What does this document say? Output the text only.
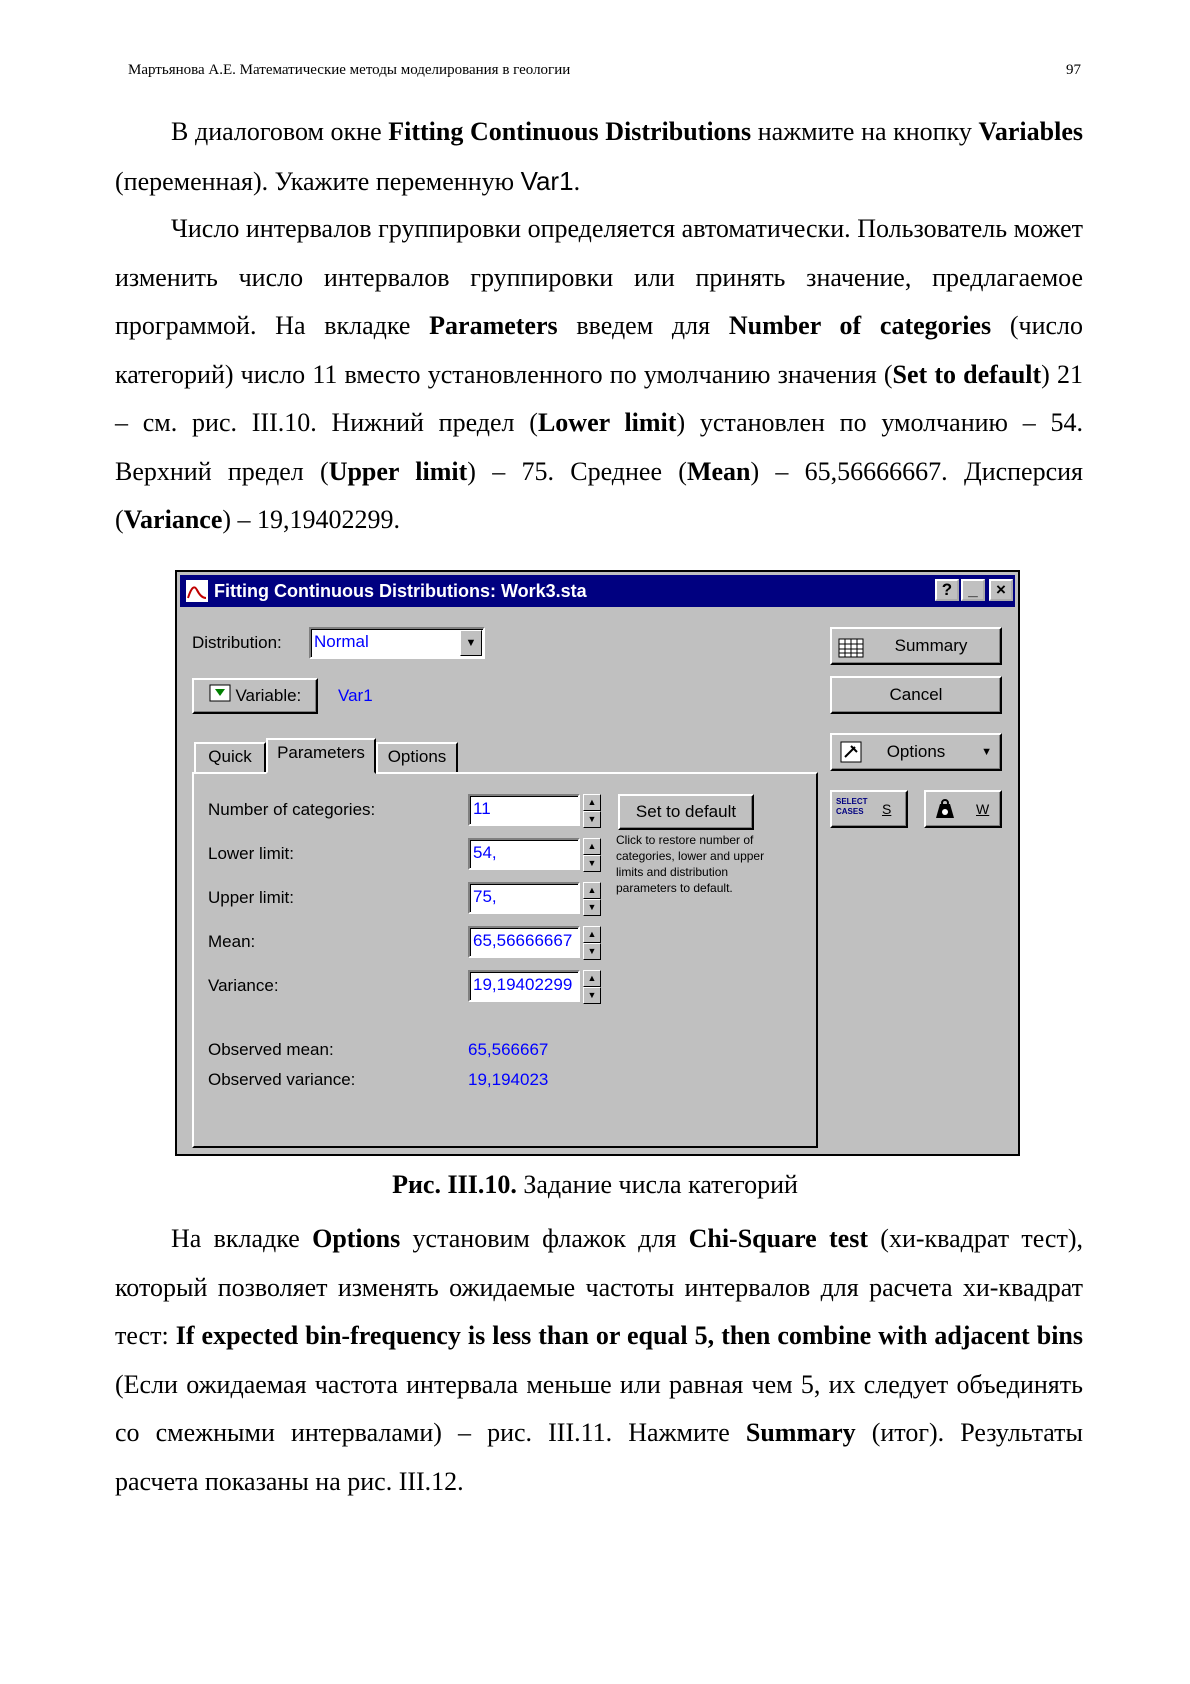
Мартьянова А.Е. Математические методы моделирования в геологии	97

В диалоговом окне Fitting Continuous Distributions нажмите на кнопку Variables (переменная). Укажите переменную Var1.

Число интервалов группировки определяется автоматически. Пользователь может изменить число интервалов группировки или принять значение, предлагаемое программой. На вкладке Parameters введем для Number of categories (число категорий) число 11 вместо установленного по умолчанию значения (Set to default) 21 – см. рис. III.10. Нижний предел (Lower limit) установлен по умолчанию – 54. Верхний предел (Upper limit) – 75. Среднее (Mean) – 65,56666667. Дисперсия (Variance) – 19,19402299.

Fitting Continuous Distributions: Work3.sta	? _	×
Distribution: Normal	▼
Variable:	Var1
Summary
Cancel
Options	▼
SELECT CASES S	W
Quick	Parameters	Options
Number of categories:	11	▲
▼
Lower limit:	54,	▲
▼
Upper limit:	75,	▲
▼
Mean:	65,56666667	▲
▼
Variance:	19,19402299	▲
▼
Set to default
Click to restore number of categories, lower and upper limits and distribution parameters to default.
Observed mean:	65,566667
Observed variance:	19,194023
Рис. III.10. Задание числа категорий

На вкладке Options установим флажок для Chi-Square test (хи-квадрат тест), который позволяет изменять ожидаемые частоты интервалов для расчета хи-квадрат тест: If expected bin-frequency is less than or equal 5, then combine with adjacent bins (Если ожидаемая частота интервала меньше или равная чем 5, их следует объединять со смежными интервалами) – рис. III.11. Нажмите Summary (итог). Результаты расчета показаны на рис. III.12.
